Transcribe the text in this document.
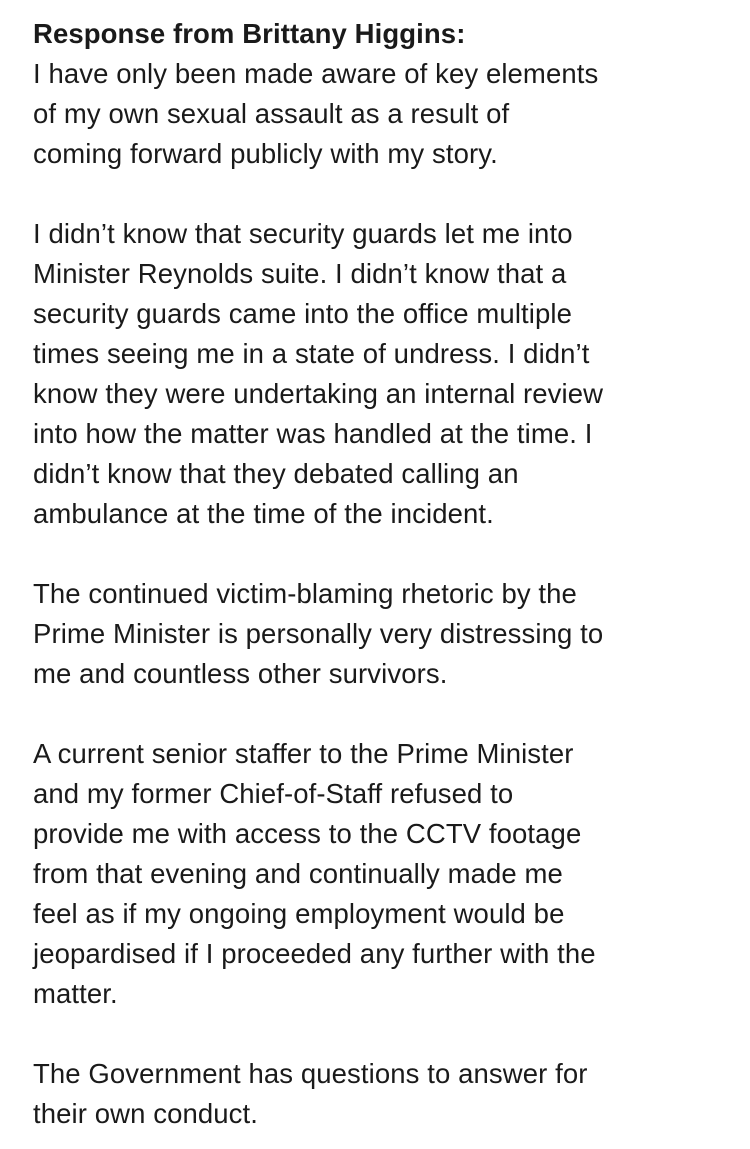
Response from Brittany Higgins:
I have only been made aware of key elements
of my own sexual assault as a result of
coming forward publicly with my story.
I didn’t know that security guards let me into
Minister Reynolds suite. I didn’t know that a
security guards came into the office multiple
times seeing me in a state of undress. I didn’t
know they were undertaking an internal review
into how the matter was handled at the time. I
didn’t know that they debated calling an
ambulance at the time of the incident.
The continued victim-blaming rhetoric by the
Prime Minister is personally very distressing to
me and countless other survivors.
A current senior staffer to the Prime Minister
and my former Chief-of-Staff refused to
provide me with access to the CCTV footage
from that evening and continually made me
feel as if my ongoing employment would be
jeopardised if I proceeded any further with the
matter.
The Government has questions to answer for
their own conduct.
